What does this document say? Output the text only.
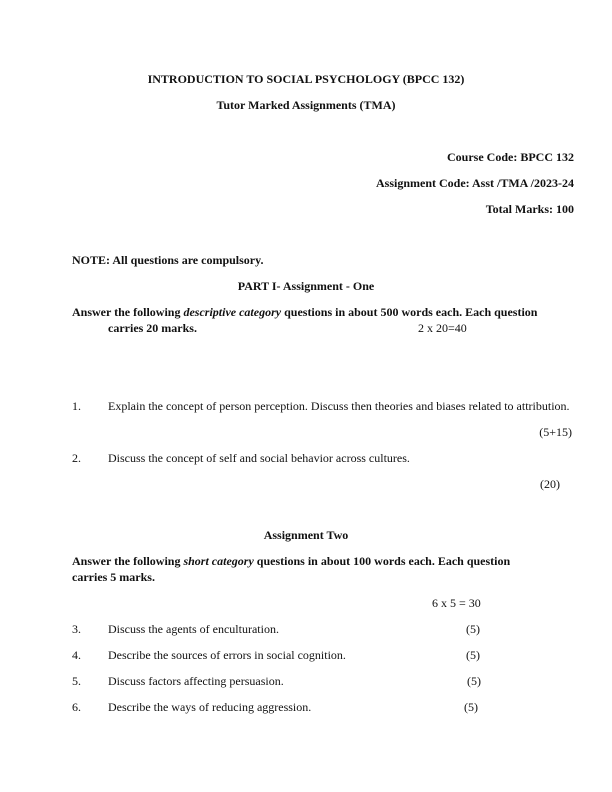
INTRODUCTION TO SOCIAL PSYCHOLOGY (BPCC 132)
Tutor Marked Assignments (TMA)
Course Code: BPCC 132
Assignment Code: Asst /TMA /2023-24
Total Marks: 100
NOTE: All questions are compulsory.
PART I- Assignment - One
Answer the following descriptive category questions in about 500 words each. Each question
carries 20 marks.	2 x 20=40
1. Explain the concept of person perception. Discuss then theories and biases related to attribution.
(5+15)
2. Discuss the concept of self and social behavior across cultures.
(20)
Assignment Two
Answer the following short category questions in about 100 words each. Each question
carries 5 marks.
6 x 5 = 30
3. Discuss the agents of enculturation.	(5)
4. Describe the sources of errors in social cognition.	(5)
5. Discuss factors affecting persuasion.	(5)
6. Describe the ways of reducing aggression.	(5)
